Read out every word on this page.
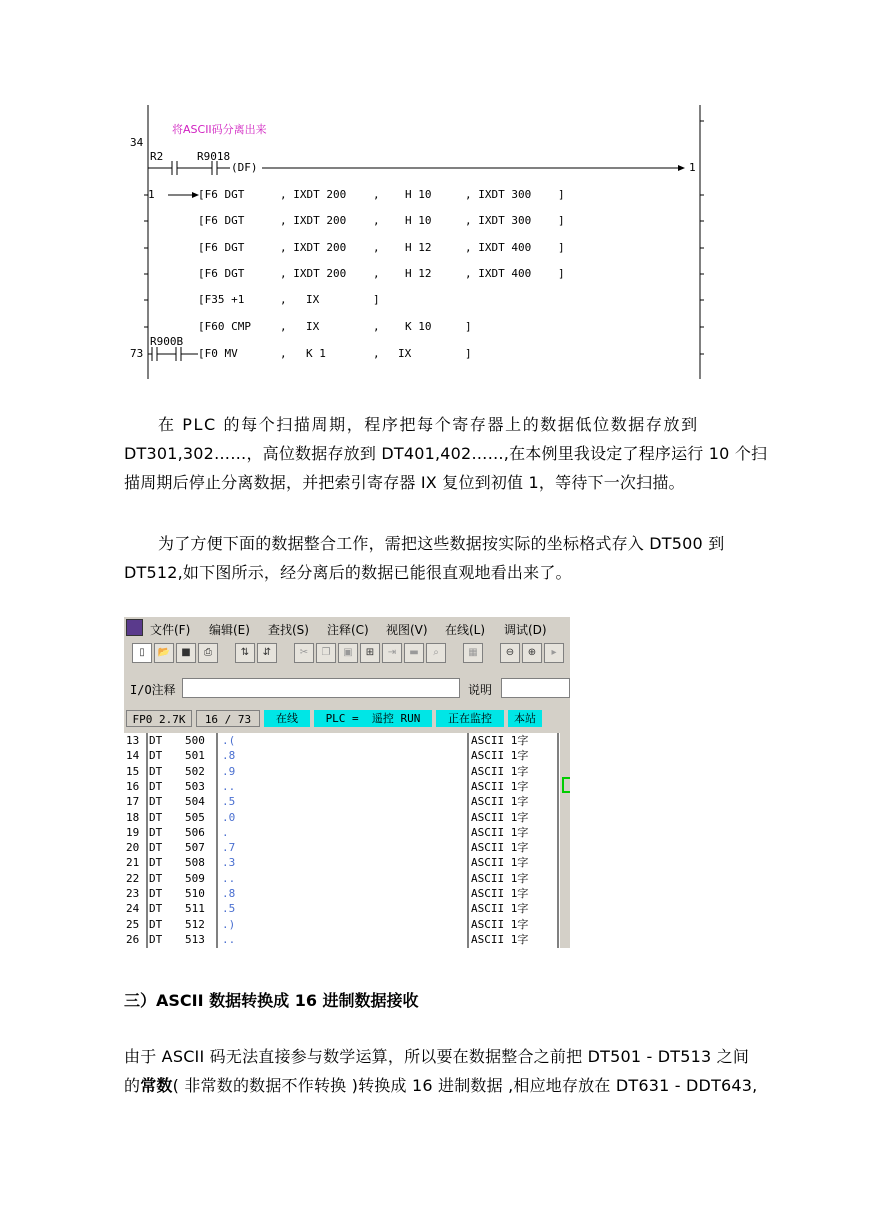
34
将ASCII码分离出来
R2	R9018
(DF)	1
1
R900B
73
[F6 DGT	, IXDT 200 , H 10	, IXDT 300 ]
[F6 DGT	, IXDT 200 , H 10	, IXDT 300 ]
[F6 DGT	, IXDT 200 , H 12	, IXDT 400 ]
[F6 DGT	, IXDT 200 , H 12	, IXDT 400 ]
[F35 +1	, IX	]
[F60 CMP	, IX	, K 10	]
[F0 MV	, K 1	, IX	]

在 PLC 的每个扫描周期，程序把每个寄存器上的数据低位数据存放到

DT301,302……，高位数据存放到 DT401,402……,在本例里我设定了程序运行 10 个扫

描周期后停止分离数据，并把索引寄存器 IX 复位到初值 1，等待下一次扫描。

为了方便下面的数据整合工作，需把这些数据按实际的坐标格式存入 DT500 到

DT512,如下图所示，经分离后的数据已能很直观地看出来了。

文件(F) 编辑(E) 查找(S) 注释(C) 视图(V) 在线(L) 调试(D)
▯	📂	■	⎙	⇅	⇵	✂	❐	▣	⊞	⇥	▬	⌕	▦	⊖	⊕	▸
I/O注释	说明
FP0 2.7K	16 / 73	在线	PLC =  遥控 RUN	正在监控	本站
13 DT 500 .(	ASCII 1字
14 DT 501 .8	ASCII 1字
15 DT 502 .9	ASCII 1字
16 DT 503 ..	ASCII 1字
17 DT 504 .5	ASCII 1字
18 DT 505 .0	ASCII 1字
19 DT 506 .	ASCII 1字
20 DT 507 .7	ASCII 1字
21 DT 508 .3	ASCII 1字
22 DT 509 ..	ASCII 1字
23 DT 510 .8	ASCII 1字
24 DT 511 .5	ASCII 1字
25 DT 512 .)	ASCII 1字
26 DT 513 ..	ASCII 1字
三）ASCII 数据转换成 16 进制数据接收

由于 ASCII 码无法直接参与数学运算，所以要在数据整合之前把 DT501 - DT513 之间

的常数( 非常数的数据不作转换 )转换成 16 进制数据 ,相应地存放在 DT631 - DDT643,
